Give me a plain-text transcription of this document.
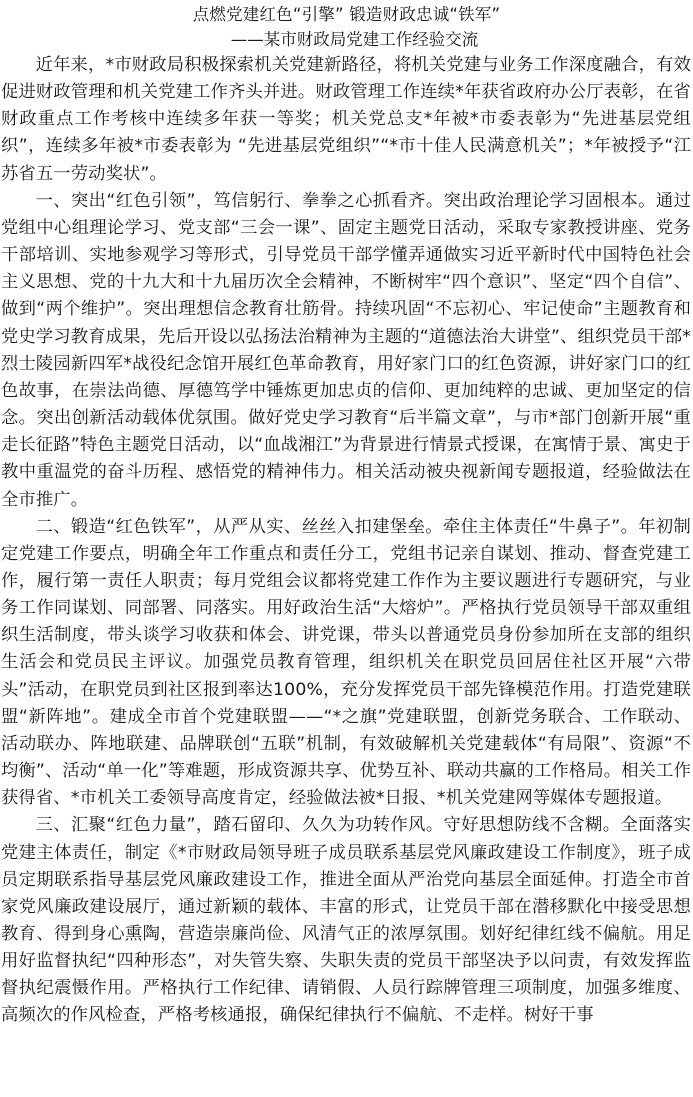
点燃党建红色“引擎” 锻造财政忠诚“铁军”
——某市财政局党建工作经验交流

近年来，*市财政局积极探索机关党建新路径，将机关党建与业务工作深度融合，有效促进财政管理和机关党建工作齐头并进。财政管理工作连续*年获省政府办公厅表彰，在省财政重点工作考核中连续多年获一等奖；机关党总支*年被*市委表彰为“先进基层党组织”，连续多年被*市委表彰为 “先进基层党组织”“*市十佳人民满意机关”；*年被授予“江苏省五一劳动奖状”。

一、突出“红色引领”，笃信躬行、拳拳之心抓看齐。突出政治理论学习固根本。通过党组中心组理论学习、党支部“三会一课”、固定主题党日活动，采取专家教授讲座、党务干部培训、实地参观学习等形式，引导党员干部学懂弄通做实习近平新时代中国特色社会主义思想、党的十九大和十九届历次全会精神，不断树牢“四个意识”、坚定“四个自信”、做到“两个维护”。突出理想信念教育壮筋骨。持续巩固“不忘初心、牢记使命”主题教育和党史学习教育成果，先后开设以弘扬法治精神为主题的“道德法治大讲堂”、组织党员干部*烈士陵园新四军*战役纪念馆开展红色革命教育，用好家门口的红色资源，讲好家门口的红色故事，在崇法尚德、厚德笃学中锤炼更加忠贞的信仰、更加纯粹的忠诚、更加坚定的信念。突出创新活动载体优氛围。做好党史学习教育“后半篇文章”，与市*部门创新开展“重走长征路”特色主题党日活动，以“血战湘江”为背景进行情景式授课，在寓情于景、寓史于教中重温党的奋斗历程、感悟党的精神伟力。相关活动被央视新闻专题报道，经验做法在全市推广。

二、锻造“红色铁军”，从严从实、丝丝入扣建堡垒。牵住主体责任“牛鼻子”。年初制定党建工作要点，明确全年工作重点和责任分工，党组书记亲自谋划、推动、督查党建工作，履行第一责任人职责；每月党组会议都将党建工作作为主要议题进行专题研究，与业务工作同谋划、同部署、同落实。用好政治生活“大熔炉”。严格执行党员领导干部双重组织生活制度，带头谈学习收获和体会、讲党课，带头以普通党员身份参加所在支部的组织生活会和党员民主评议。加强党员教育管理，组织机关在职党员回居住社区开展“六带头”活动，在职党员到社区报到率达100%，充分发挥党员干部先锋模范作用。打造党建联盟“新阵地”。建成全市首个党建联盟——“*之旗”党建联盟，创新党务联合、工作联动、活动联办、阵地联建、品牌联创“五联”机制，有效破解机关党建载体“有局限”、资源“不均衡”、活动“单一化”等难题，形成资源共享、优势互补、联动共赢的工作格局。相关工作获得省、*市机关工委领导高度肯定，经验做法被*日报、*机关党建网等媒体专题报道。

三、汇聚“红色力量”，踏石留印、久久为功转作风。守好思想防线不含糊。全面落实党建主体责任，制定《*市财政局领导班子成员联系基层党风廉政建设工作制度》，班子成员定期联系指导基层党风廉政建设工作，推进全面从严治党向基层全面延伸。打造全市首家党风廉政建设展厅，通过新颖的载体、丰富的形式，让党员干部在潜移默化中接受思想教育、得到身心熏陶，营造崇廉尚俭、风清气正的浓厚氛围。划好纪律红线不偏航。用足用好监督执纪“四种形态”，对失管失察、失职失责的党员干部坚决予以问责，有效发挥监督执纪震慑作用。严格执行工作纪律、请销假、人员行踪牌管理三项制度，加强多维度、高频次的作风检查，严格考核通报，确保纪律执行不偏航、不走样。树好干事
